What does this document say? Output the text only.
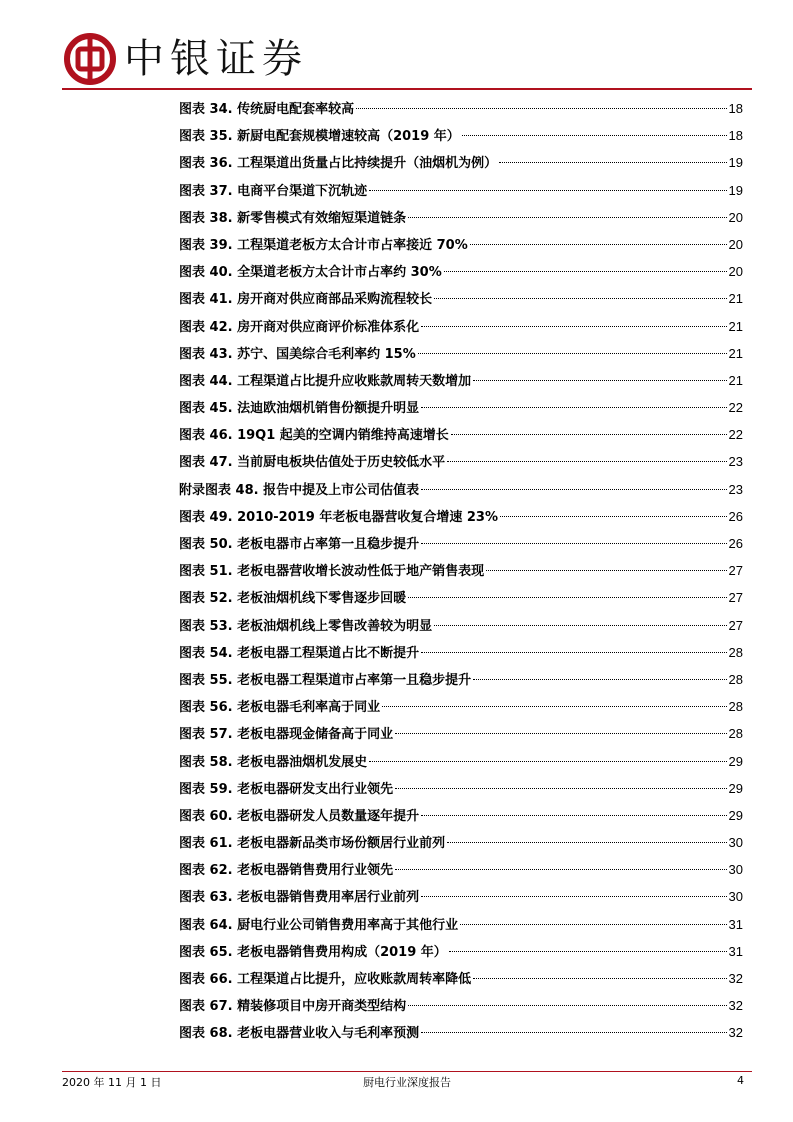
中银证券
图表 34. 传统厨电配套率较高	18
图表 35. 新厨电配套规模增速较高（2019 年）	18
图表 36. 工程渠道出货量占比持续提升（油烟机为例）	19
图表 37. 电商平台渠道下沉轨迹	19
图表 38. 新零售模式有效缩短渠道链条	20
图表 39. 工程渠道老板方太合计市占率接近 70%	20
图表 40. 全渠道老板方太合计市占率约 30%	20
图表 41. 房开商对供应商部品采购流程较长	21
图表 42. 房开商对供应商评价标准体系化	21
图表 43. 苏宁、国美综合毛利率约 15%	21
图表 44. 工程渠道占比提升应收账款周转天数增加	21
图表 45. 法迪欧油烟机销售份额提升明显	22
图表 46. 19Q1 起美的空调内销维持高速增长	22
图表 47. 当前厨电板块估值处于历史较低水平	23
附录图表 48. 报告中提及上市公司估值表	23
图表 49. 2010-2019 年老板电器营收复合增速 23%	26
图表 50. 老板电器市占率第一且稳步提升	26
图表 51. 老板电器营收增长波动性低于地产销售表现	27
图表 52. 老板油烟机线下零售逐步回暖	27
图表 53. 老板油烟机线上零售改善较为明显	27
图表 54. 老板电器工程渠道占比不断提升	28
图表 55. 老板电器工程渠道市占率第一且稳步提升	28
图表 56. 老板电器毛利率高于同业	28
图表 57. 老板电器现金储备高于同业	28
图表 58. 老板电器油烟机发展史	29
图表 59. 老板电器研发支出行业领先	29
图表 60. 老板电器研发人员数量逐年提升	29
图表 61. 老板电器新品类市场份额居行业前列	30
图表 62. 老板电器销售费用行业领先	30
图表 63. 老板电器销售费用率居行业前列	30
图表 64. 厨电行业公司销售费用率高于其他行业	31
图表 65. 老板电器销售费用构成（2019 年）	31
图表 66. 工程渠道占比提升，应收账款周转率降低	32
图表 67. 精装修项目中房开商类型结构	32
图表 68. 老板电器营业收入与毛利率预测	32
2020 年 11 月 1 日	厨电行业深度报告	4
